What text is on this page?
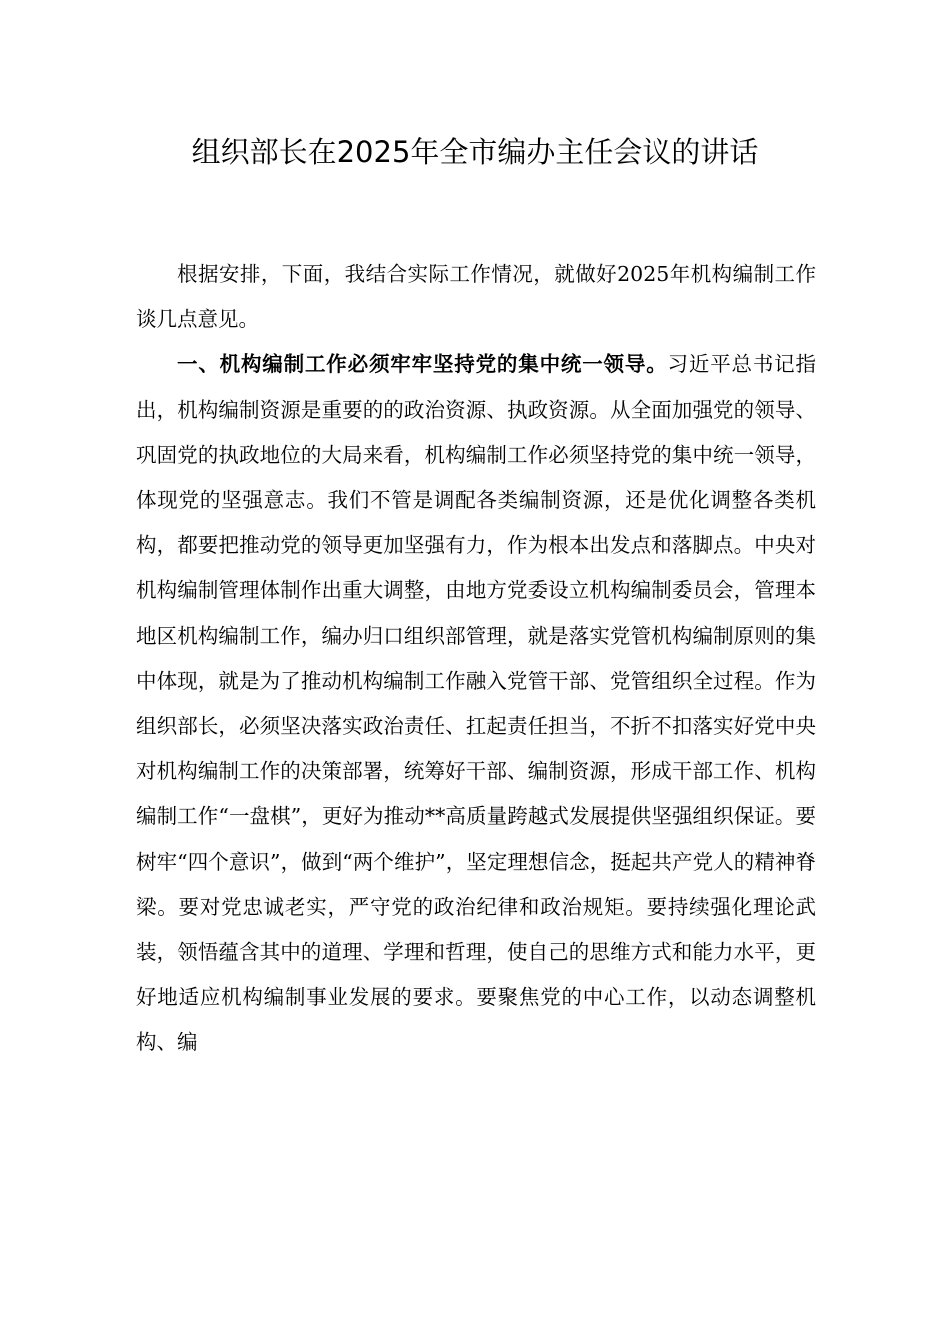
组织部长在2025年全市编办主任会议的讲话

根据安排，下面，我结合实际工作情况，就做好2025年机构编制工作谈几点意见。

一、机构编制工作必须牢牢坚持党的集中统一领导。习近平总书记指出，机构编制资源是重要的的政治资源、执政资源。从全面加强党的领导、巩固党的执政地位的大局来看，机构编制工作必须坚持党的集中统一领导，体现党的坚强意志。我们不管是调配各类编制资源，还是优化调整各类机构，都要把推动党的领导更加坚强有力，作为根本出发点和落脚点。中央对机构编制管理体制作出重大调整，由地方党委设立机构编制委员会，管理本地区机构编制工作，编办归口组织部管理，就是落实党管机构编制原则的集中体现，就是为了推动机构编制工作融入党管干部、党管组织全过程。作为组织部长，必须坚决落实政治责任、扛起责任担当，不折不扣落实好党中央对机构编制工作的决策部署，统筹好干部、编制资源，形成干部工作、机构编制工作“一盘棋”，更好为推动**高质量跨越式发展提供坚强组织保证。要树牢“四个意识”，做到“两个维护”，坚定理想信念，挺起共产党人的精神脊梁。要对党忠诚老实，严守党的政治纪律和政治规矩。要持续强化理论武装，领悟蕴含其中的道理、学理和哲理，使自己的思维方式和能力水平，更好地适应机构编制事业发展的要求。要聚焦党的中心工作，以动态调整机构、编
